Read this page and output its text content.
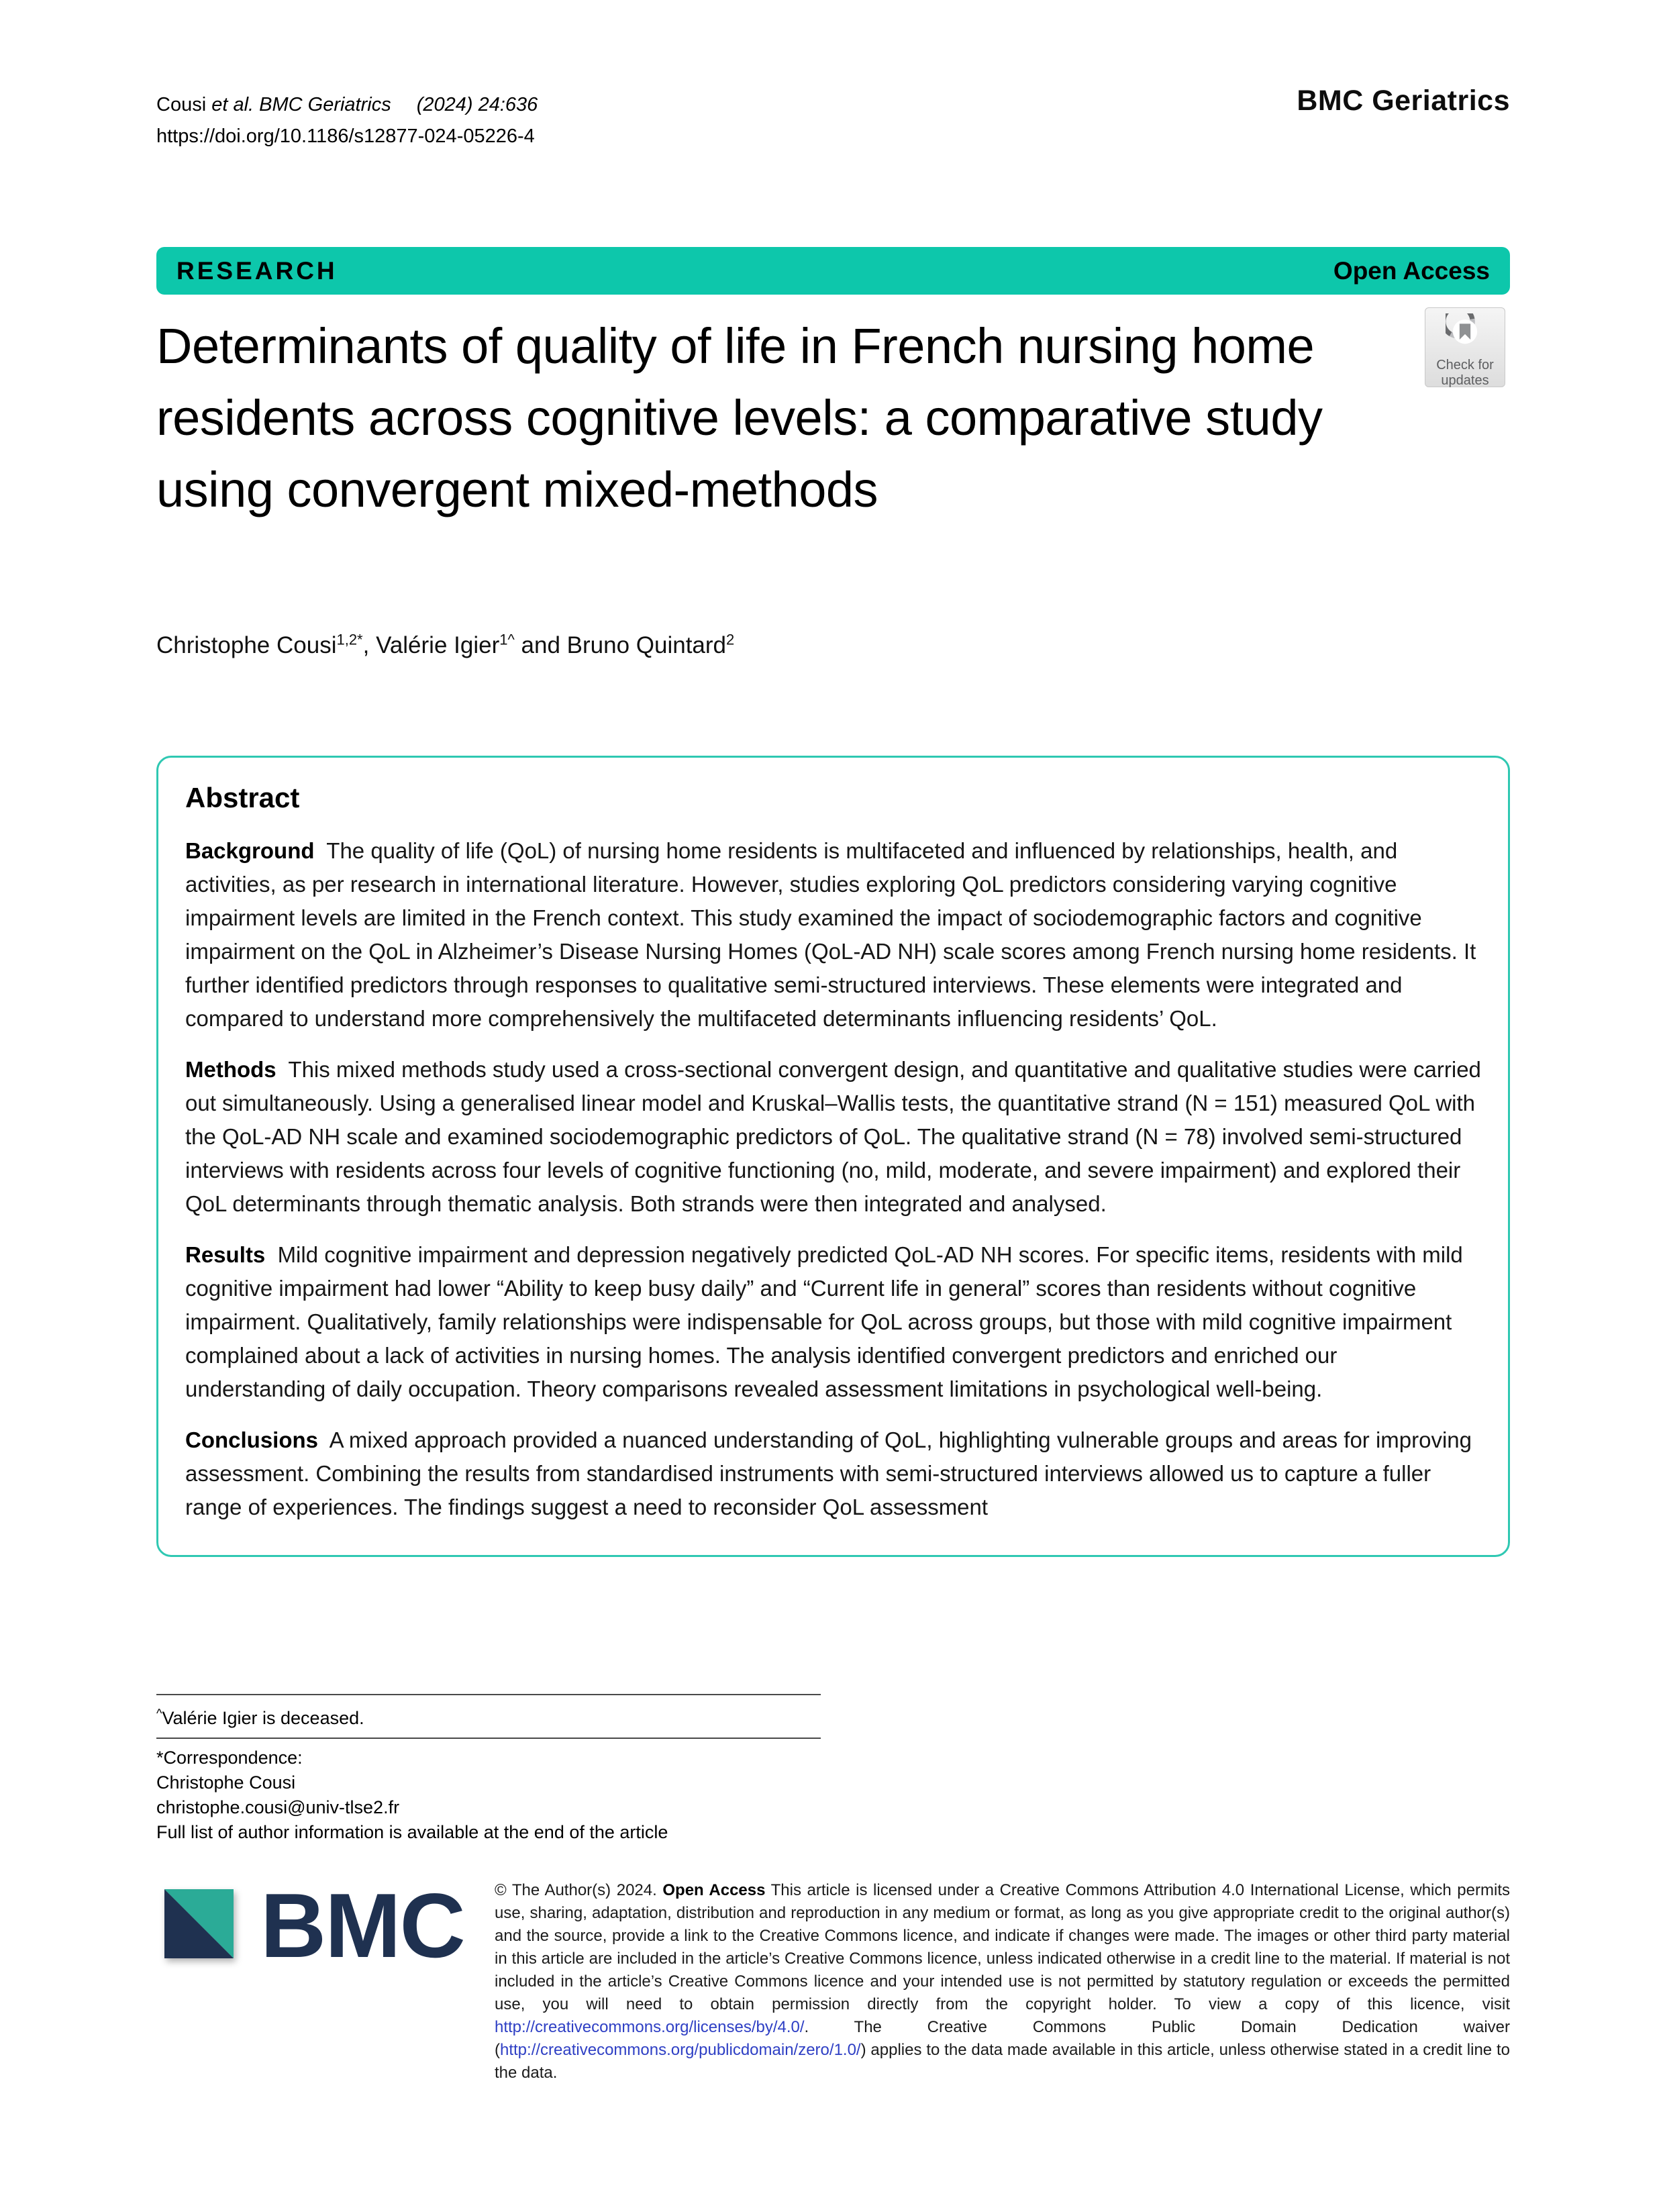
Cousi et al. BMC Geriatrics (2024) 24:636
https://doi.org/10.1186/s12877-024-05226-4
BMC Geriatrics
RESEARCH	Open Access
Determinants of quality of life in French nursing home residents across cognitive levels: a comparative study using convergent mixed-methods
Check for
updates
Christophe Cousi$^{1,2*}$, Valérie Igier$^{1\^{}}$ and Bruno Quintard$^2$
Abstract

Background The quality of life (QoL) of nursing home residents is multifaceted and influenced by relationships, health, and activities, as per research in international literature. However, studies exploring QoL predictors considering varying cognitive impairment levels are limited in the French context. This study examined the impact of sociodemographic factors and cognitive impairment on the QoL in Alzheimer’s Disease Nursing Homes (QoL-AD NH) scale scores among French nursing home residents. It further identified predictors through responses to qualitative semi-structured interviews. These elements were integrated and compared to understand more comprehensively the multifaceted determinants influencing residents’ QoL.

Methods This mixed methods study used a cross-sectional convergent design, and quantitative and qualitative studies were carried out simultaneously. Using a generalised linear model and Kruskal–Wallis tests, the quantitative strand (N = 151) measured QoL with the QoL-AD NH scale and examined sociodemographic predictors of QoL. The qualitative strand (N = 78) involved semi-structured interviews with residents across four levels of cognitive functioning (no, mild, moderate, and severe impairment) and explored their QoL determinants through thematic analysis. Both strands were then integrated and analysed.

Results Mild cognitive impairment and depression negatively predicted QoL-AD NH scores. For specific items, residents with mild cognitive impairment had lower “Ability to keep busy daily” and “Current life in general” scores than residents without cognitive impairment. Qualitatively, family relationships were indispensable for QoL across groups, but those with mild cognitive impairment complained about a lack of activities in nursing homes. The analysis identified convergent predictors and enriched our understanding of daily occupation. Theory comparisons revealed assessment limitations in psychological well-being.

Conclusions A mixed approach provided a nuanced understanding of QoL, highlighting vulnerable groups and areas for improving assessment. Combining the results from standardised instruments with semi-structured interviews allowed us to capture a fuller range of experiences. The findings suggest a need to reconsider QoL assessment

^Valérie Igier is deceased.
*Correspondence:
Christophe Cousi
christophe.cousi@univ-tlse2.fr
Full list of author information is available at the end of the article
BMC © The Author(s) 2024. Open Access This article is licensed under a Creative Commons Attribution 4.0 International License, which permits use, sharing, adaptation, distribution and reproduction in any medium or format, as long as you give appropriate credit to the original author(s) and the source, provide a link to the Creative Commons licence, and indicate if changes were made. The images or other third party material in this article are included in the article’s Creative Commons licence, unless indicated otherwise in a credit line to the material. If material is not included in the article’s Creative Commons licence and your intended use is not permitted by statutory regulation or exceeds the permitted use, you will need to obtain permission directly from the copyright holder. To view a copy of this licence, visit http://creativecommons.org/licenses/by/4.0/. The Creative Commons Public Domain Dedication waiver (http://creativecommons.org/publicdomain/zero/1.0/) applies to the data made available in this article, unless otherwise stated in a credit line to the data.
